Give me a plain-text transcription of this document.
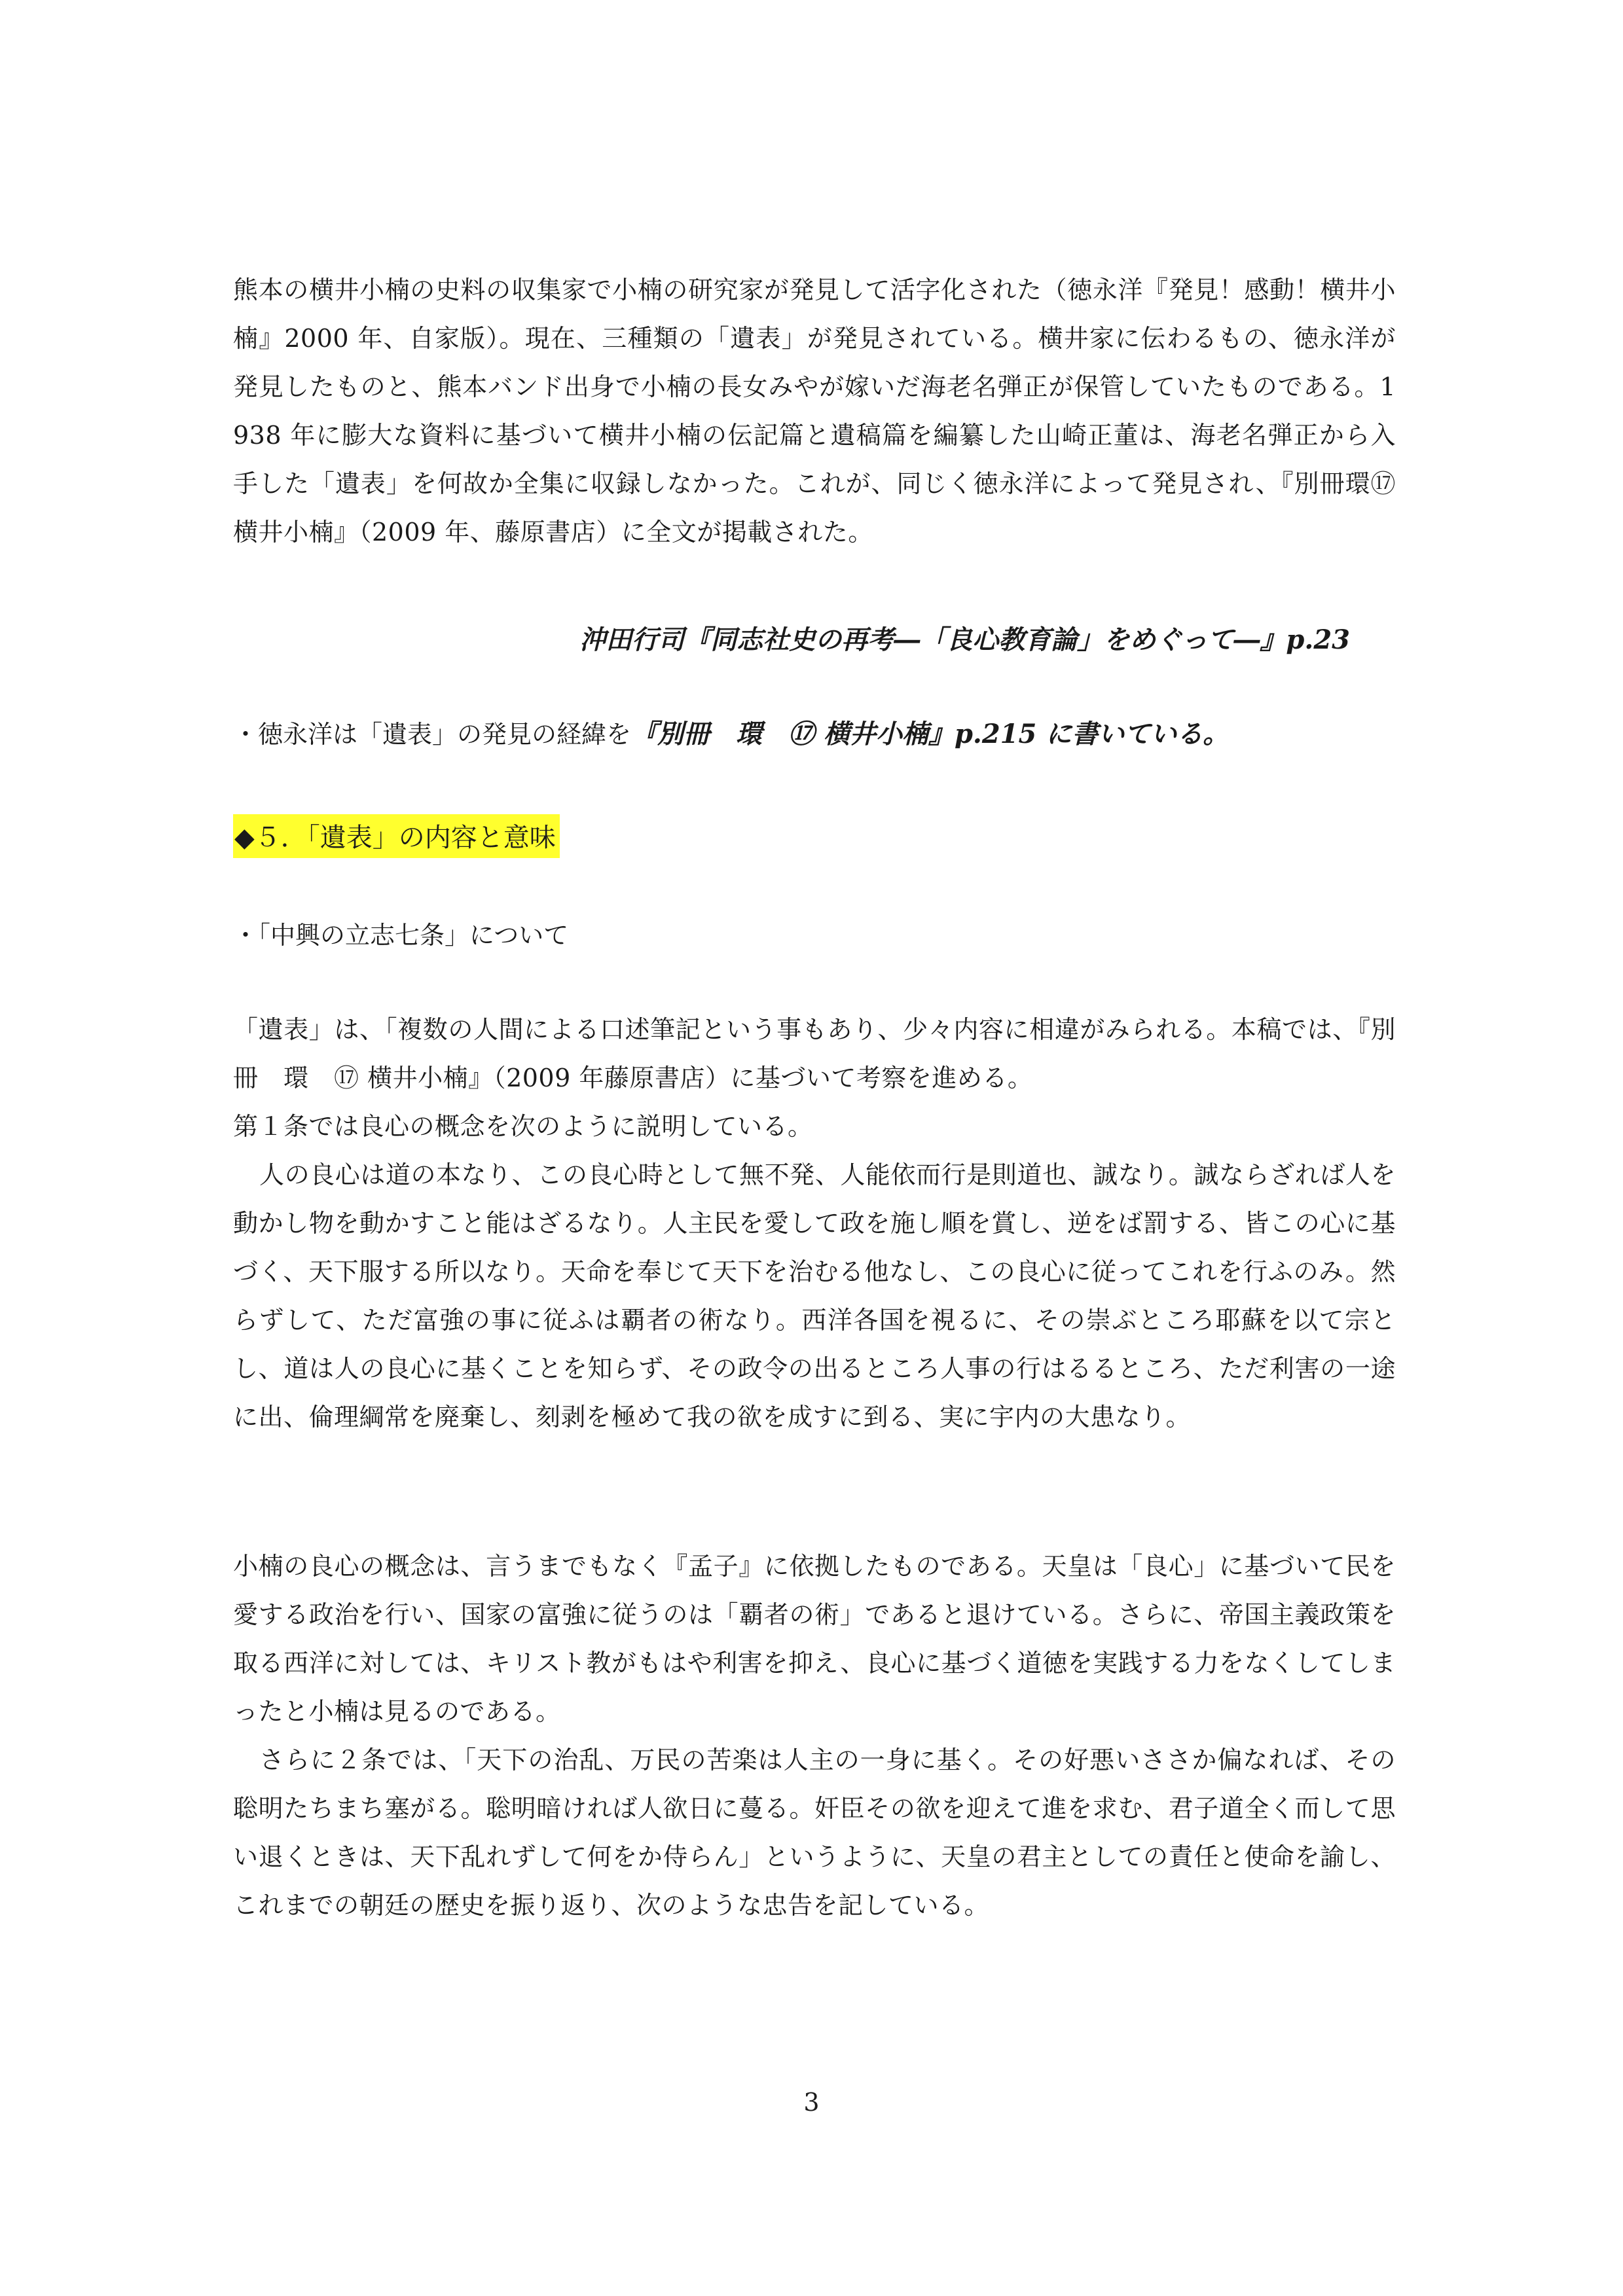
熊本の横井小楠の史料の収集家で小楠の研究家が発見して活字化された（徳永洋『発見！感動！横井小楠』2000 年、自家版）。現在、三種類の「遺表」が発見されている。横井家に伝わるもの、徳永洋が発見したものと、熊本バンド出身で小楠の長女みやが嫁いだ海老名弾正が保管していたものである。1938 年に膨大な資料に基づいて横井小楠の伝記篇と遺稿篇を編纂した山崎正董は、海老名弾正から入手した「遺表」を何故か全集に収録しなかった。これが、同じく徳永洋によって発見され、『別冊環⑰ 横井小楠』（2009 年、藤原書店）に全文が掲載された。

沖田行司『同志社史の再考―「良心教育論」をめぐって―』p.23
・徳永洋は「遺表」の発見の経緯を『別冊　環　⑰ 横井小楠』p.215 に書いている。
◆５．「遺表」の内容と意味
・「中興の立志七条」について

「遺表」は、「複数の人間による口述筆記という事もあり、少々内容に相違がみられる。本稿では、『別冊　環　⑰ 横井小楠』（2009 年藤原書店）に基づいて考察を進める。

第１条では良心の概念を次のように説明している。

人の良心は道の本なり、この良心時として無不発、人能依而行是則道也、誠なり。誠ならざれば人を動かし物を動かすこと能はざるなり。人主民を愛して政を施し順を賞し、逆をば罰する、皆この心に基づく、天下服する所以なり。天命を奉じて天下を治むる他なし、この良心に従ってこれを行ふのみ。然らずして、ただ富強の事に従ふは覇者の術なり。西洋各国を視るに、その崇ぶところ耶蘇を以て宗とし、道は人の良心に基くことを知らず、その政令の出るところ人事の行はるるところ、ただ利害の一途に出、倫理綱常を廃棄し、刻剥を極めて我の欲を成すに到る、実に宇内の大患なり。

小楠の良心の概念は、言うまでもなく『孟子』に依拠したものである。天皇は「良心」に基づいて民を愛する政治を行い、国家の富強に従うのは「覇者の術」であると退けている。さらに、帝国主義政策を取る西洋に対しては、キリスト教がもはや利害を抑え、良心に基づく道徳を実践する力をなくしてしまったと小楠は見るのである。

さらに２条では、「天下の治乱、万民の苦楽は人主の一身に基く。その好悪いささか偏なれば、その聡明たちまち塞がる。聡明暗ければ人欲日に蔓る。奸臣その欲を迎えて進を求む、君子道全く而して思い退くときは、天下乱れずして何をか侍らん」というように、天皇の君主としての責任と使命を諭し、これまでの朝廷の歴史を振り返り、次のような忠告を記している。

3
